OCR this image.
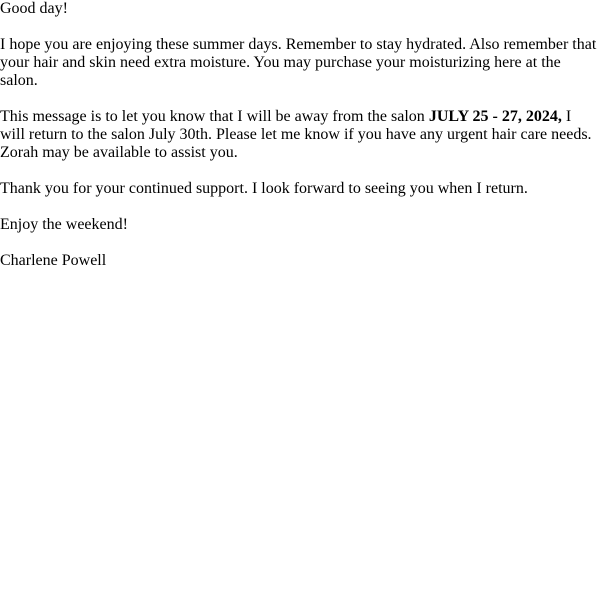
Good day!

I hope you are enjoying these summer days. Remember to stay hydrated. Also remember that your hair and skin need extra moisture. You may purchase your moisturizing here at the salon.

This message is to let you know that I will be away from the salon JULY 25 - 27, 2024, I will return to the salon July 30th. Please let me know if you have any urgent hair care needs. Zorah may be available to assist you.

Thank you for your continued support. I look forward to seeing you when I return.

Enjoy the weekend!

Charlene Powell
